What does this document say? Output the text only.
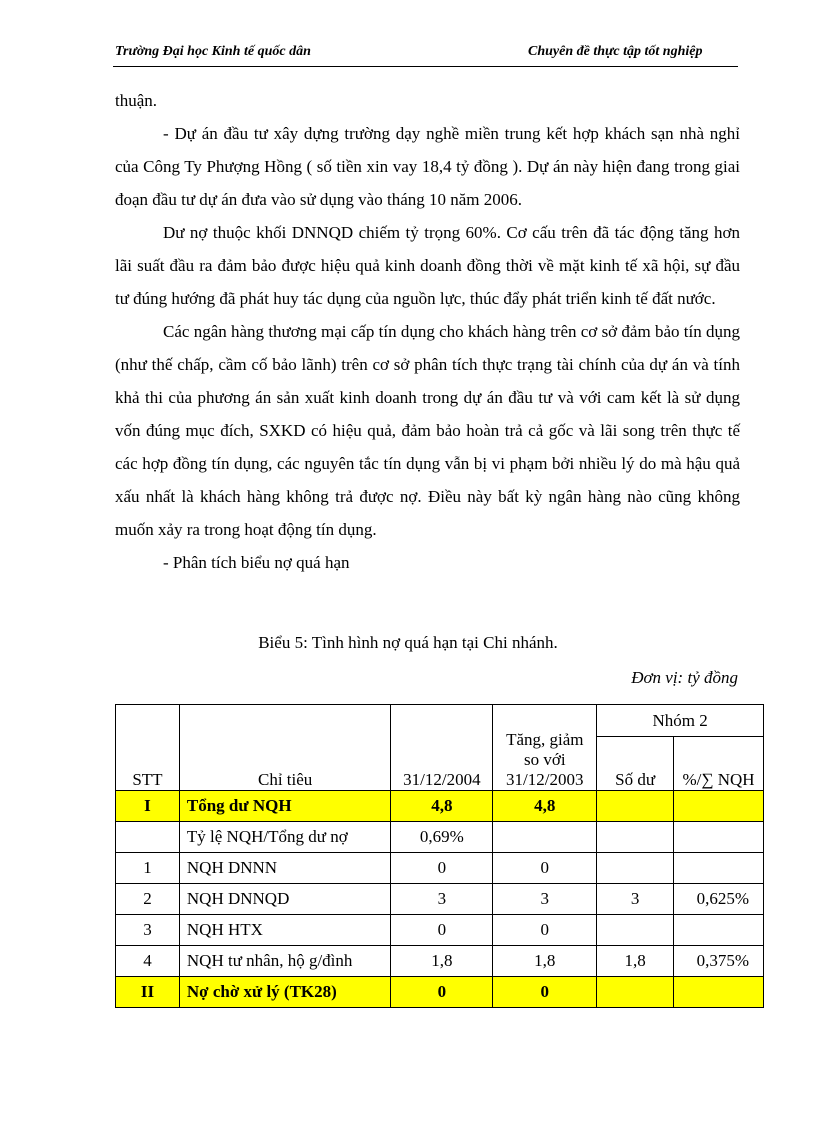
Trường Đại học Kinh tế quốc dân	Chuyên đề thực tập tốt nghiệp

thuận.

- Dự án đầu tư xây dựng trường dạy nghề miền trung kết hợp khách sạn nhà nghỉ của Công Ty Phượng Hồng ( số tiền xin vay 18,4 tỷ đồng ). Dự án này hiện đang trong giai đoạn đầu tư dự án đưa vào sử dụng vào tháng 10 năm 2006.

Dư nợ thuộc khối DNNQD chiếm tỷ trọng 60%. Cơ cấu trên đã tác động tăng hơn lãi suất đầu ra đảm bảo được hiệu quả kinh doanh đồng thời về mặt kinh tế xã hội, sự đầu tư đúng hướng đã phát huy tác dụng của nguồn lực, thúc đẩy phát triển kinh tế đất nước.

Các ngân hàng thương mại cấp tín dụng cho khách hàng trên cơ sở đảm bảo tín dụng (như thế chấp, cầm cố bảo lãnh) trên cơ sở phân tích thực trạng tài chính của dự án và tính khả thi của phương án sản xuất kinh doanh trong dự án đầu tư và với cam kết là sử dụng vốn đúng mục đích, SXKD có hiệu quả, đảm bảo hoàn trả cả gốc và lãi song trên thực tế các hợp đồng tín dụng, các nguyên tắc tín dụng vẫn bị vi phạm bởi nhiều lý do mà hậu quả xấu nhất là khách hàng không trả được nợ. Điều này bất kỳ ngân hàng nào cũng không muốn xảy ra trong hoạt động tín dụng.

- Phân tích biểu nợ quá hạn

Biểu 5: Tình hình nợ quá hạn tại Chi nhánh.
Đơn vị: tỷ đồng
STT	Chỉ tiêu	31/12/2004	Tăng, giảm so với 31/12/2003	Nhóm 2	
				Số dư	%/∑ NQH
I	Tổng dư NQH	4,8	4,8		
	Tỷ lệ NQH/Tổng dư nợ	0,69%			
1	NQH DNNN	0	0		
2	NQH DNNQD	3	3	3	0,625%
3	NQH HTX	0	0		
4	NQH tư nhân, hộ g/đình	1,8	1,8	1,8	0,375%
II	Nợ chờ xử lý (TK28)	0	0		
